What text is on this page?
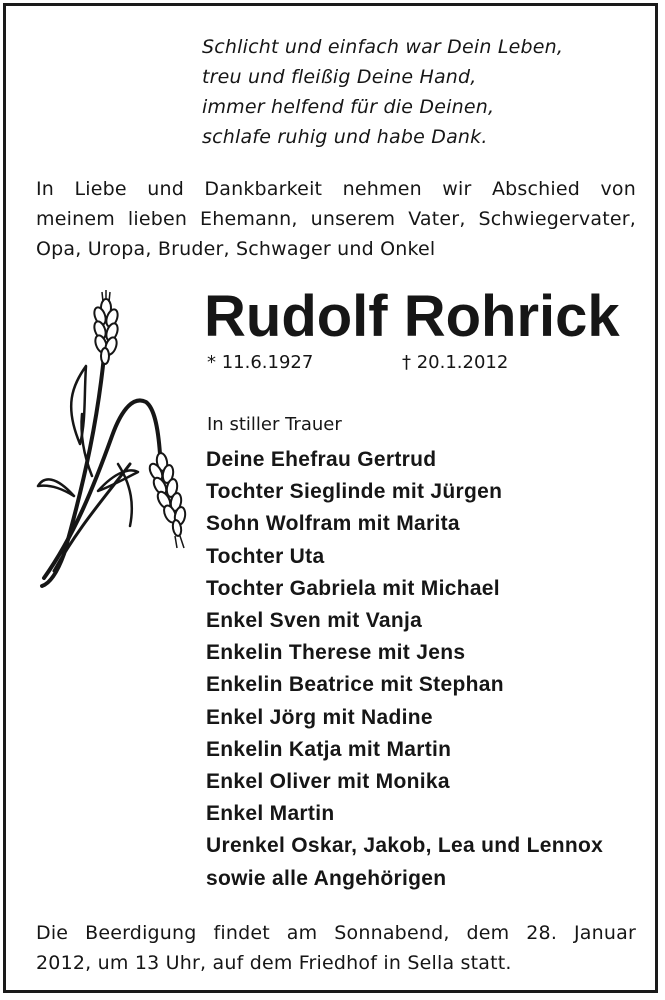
Schlicht und einfach war Dein Leben,
treu und fleißig Deine Hand,
immer helfend für die Deinen,
schlafe ruhig und habe Dank.
In Liebe und Dankbarkeit nehmen wir Abschied von
meinem lieben Ehemann, unserem Vater, Schwiegervater,
Opa, Uropa, Bruder, Schwager und Onkel
Rudolf Rohrick
* 11.6.1927	† 20.1.2012
In stiller Trauer
Deine Ehefrau Gertrud
Tochter Sieglinde mit Jürgen
Sohn Wolfram mit Marita
Tochter Uta
Tochter Gabriela mit Michael
Enkel Sven mit Vanja
Enkelin Therese mit Jens
Enkelin Beatrice mit Stephan
Enkel Jörg mit Nadine
Enkelin Katja mit Martin
Enkel Oliver mit Monika
Enkel Martin
Urenkel Oskar, Jakob, Lea und Lennox
sowie alle Angehörigen
Die Beerdigung findet am Sonnabend, dem 28. Januar
2012, um 13 Uhr, auf dem Friedhof in Sella statt.
